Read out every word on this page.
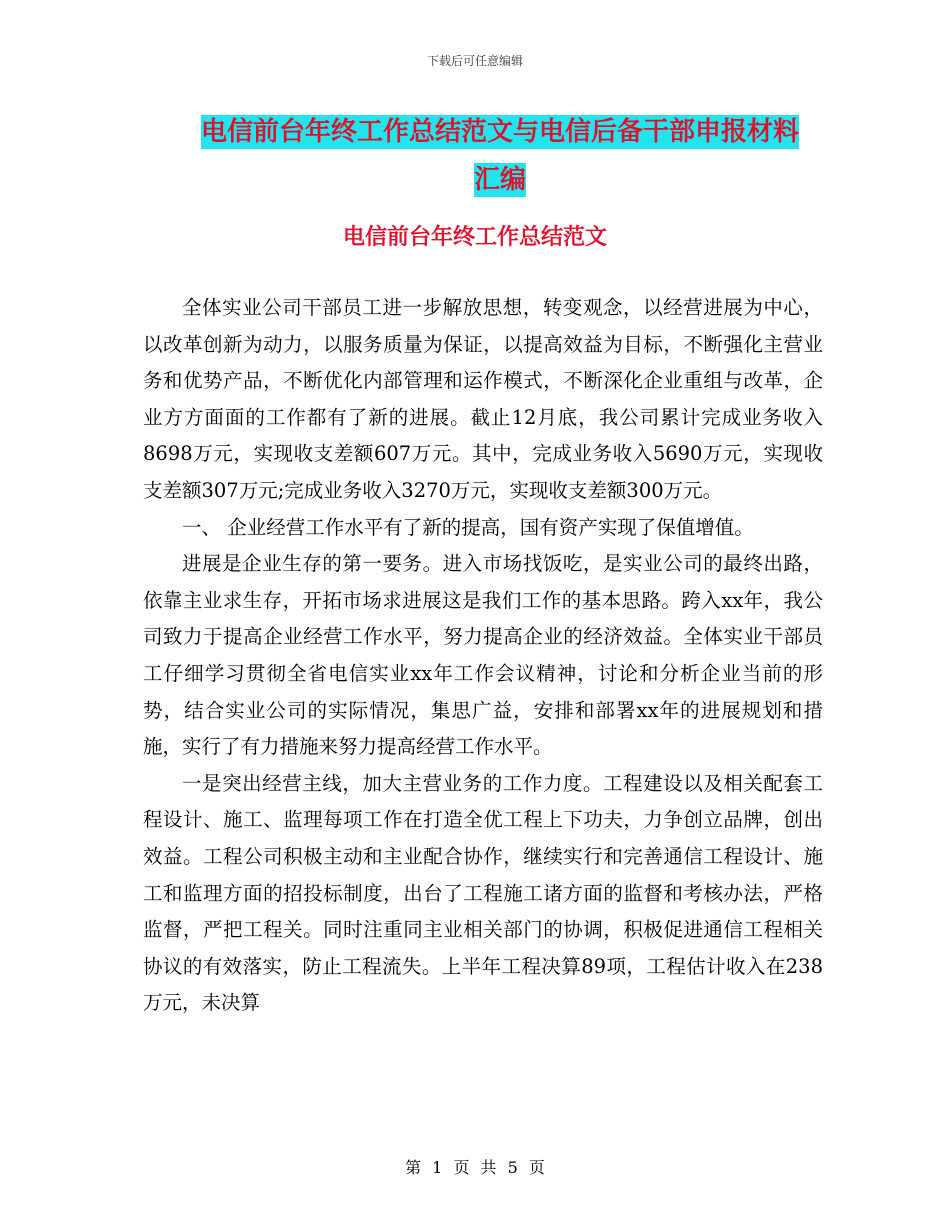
下载后可任意编辑
电信前台年终工作总结范文与电信后备干部申报材料
汇编
电信前台年终工作总结范文

全体实业公司干部员工进一步解放思想，转变观念，以经营进展为中心，以改革创新为动力，以服务质量为保证，以提高效益为目标，不断强化主营业务和优势产品，不断优化内部管理和运作模式，不断深化企业重组与改革，企业方方面面的工作都有了新的进展。截止12月底，我公司累计完成业务收入8698万元，实现收支差额607万元。其中，完成业务收入5690万元，实现收支差额307万元;完成业务收入3270万元，实现收支差额300万元。

一、 企业经营工作水平有了新的提高，国有资产实现了保值增值。

进展是企业生存的第一要务。进入市场找饭吃，是实业公司的最终出路，依靠主业求生存，开拓市场求进展这是我们工作的基本思路。跨入xx年，我公司致力于提高企业经营工作水平，努力提高企业的经济效益。全体实业干部员工仔细学习贯彻全省电信实业xx年工作会议精神，讨论和分析企业当前的形势，结合实业公司的实际情况，集思广益，安排和部署xx年的进展规划和措施，实行了有力措施来努力提高经营工作水平。

一是突出经营主线，加大主营业务的工作力度。工程建设以及相关配套工程设计、施工、监理每项工作在打造全优工程上下功夫，力争创立品牌，创出效益。工程公司积极主动和主业配合协作，继续实行和完善通信工程设计、施工和监理方面的招投标制度，出台了工程施工诸方面的监督和考核办法，严格监督，严把工程关。同时注重同主业相关部门的协调，积极促进通信工程相关协议的有效落实，防止工程流失。上半年工程决算89项，工程估计收入在238万元，未决算

第 1 页 共 5 页
